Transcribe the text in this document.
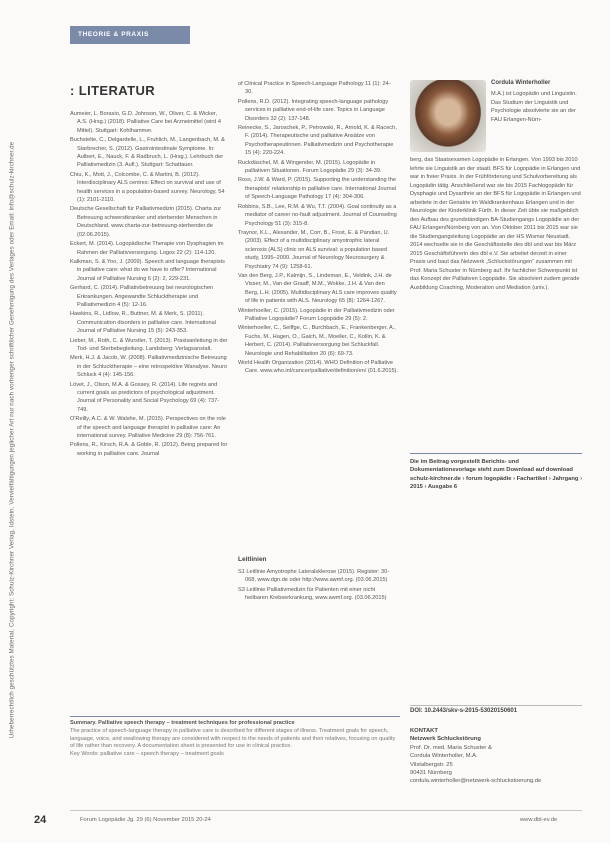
Urheberrechtlich geschütztes Material. Copyright: Schulz-Kirchner Verlag, Idstein. Vervielfältigungen jeglicher Art nur nach vorheriger schriftlicher Genehmigung des Verlages oder Email: info@schulz-kirchner.de
THEORIE & PRAXIS
: LITERATUR

Aumeier, L. Borasio, G.D. Johnson, W., Oliver, C. & Wicker, A.S. (Hrsg.) (2018). Palliative Care bei Arzneimittel (wird 4 Mittel). Stuttgart: Kohlhammer.

Buchstelte, C., Delgardelle, L., Fruhlich, M., Langenbach, M. & Starbrecher, S. (2012). Gastrointestinale Symptome. In: Aulbert, E., Nauck, F. & Radbruch, L. (Hrsg.). Lehrbuch der Palliativmedizin (3. Aufl.). Stuttgart: Schattauer.

Chiu, K., Mott, J., Colcombe, C. & Martini, B. (2012). Interdisciplinary ALS centres: Effect on survival and use of health services in a population-based survey. Neurology, 54 (1): 2101-2110.

Deutsche Gesellschaft für Palliativmedizin (2015). Charta zur Betreuung schwerstkranker und sterbender Menschen in Deutschland. www.charta-zur-betreuung-sterbender.de (02.06.2015).

Eckert, M. (2014). Logopädische Therapie von Dysphagien im Rahmen der Palliativversorgung. Logos 22 (2): 114-120.

Kalkman, S. & Yoo, J. (2009). Speech and language therapists in palliative care: what do we have to offer? International Journal of Palliative Nursing 6 (2): 2, 229-231.

Gerhard, C. (2014). Palliativbetreuung bei neurologischen Erkrankungen. Angewandte Schlucktherapie und Palliativmedizin 4 (5): 12-16.

Hawkins, R., Lidlow, R., Buttner, M. & Merk, S. (2011). Communication disorders in palliative care. International Journal of Palliative Nursing 15 (5): 243-353.

Lieber, M., Roth, C. & Wurstler, T. (2013). Praxisanleitung in der Tod- und Sterbebegleitung. Landsberg: Verlagsanstalt.

Merk, H.J. & Jacob, W. (2008). Palliativmedizinische Betreuung in der Schlucktherapie – eine retrospektive Wanalyse. Neuro Schluck 4 (4): 145-156.

Lövet, J., Olson, M.A. & Gossey, R. (2014). Life regrets and current goals as predictors of psychological adjustment. Journal of Personality and Social Psychology 69 (4): 737-749.

O'Reilly, A.C. & W. Walshe, M. (2015). Perspectives on the role of the speech and language therapist in palliative care: An international survey. Palliative Medicine 29 (8): 756-761.

Pollens, R., Kirsch, R.A. & Goble, R. (2012). Being prepared for working in palliative care. Journal

of Clinical Practice in Speech-Language Pathology 11 (1): 24-30.

Pollens, R.D. (2012). Integrating speech-language pathology services in palliative end-of-life care. Topics in Language Disorders 32 (2): 137-148.

Reinecke, S., Jaroschek, P., Petrowski, R., Arnold, K. & Racech, F. (2014). Therapeutische und palliative Ansätze von Psychotherapeutinnen. Palliativmedizin und Psychotherapie 15 (4): 220-224.

Ruckdäschel, M. & Wingender, M. (2015). Logopädie in palliativen Situationen. Forum Logopädie 29 (3): 34-39.

Ross, J.W. & Ward, P. (2015). Supporting the understanding the therapists' relationship in palliative care. International Journal of Speech-Language Pathology 17 (4): 304-306.

Robbins, S.B., Lee, R.M. & Wu, T.T. (2004). Goal continuity as a mediator of career no-fault adjustment. Journal of Counseling Psychology 51 (3): 315-8.

Traynor, K.L., Alexander, M., Corr, B., Frost, E. & Pandian, U. (2003). Effect of a multidisciplinary amyotrophic lateral sclerosis (ALS) clinic on ALS survival: a population based study, 1995–2000. Journal of Neurology Neurosurgery & Psychiatry 74 (9): 1258-61.

Van den Berg, J.P., Kalmijn, S., Lindeman, E., Veldink, J.H. de Visser, M., Van der Graaff, M.M., Wokke, J.H. & Van den Berg, L.H. (2005). Multidisciplinary ALS care improves quality of life in patients with ALS. Neurology 65 (8): 1264-1267.

Winterhoeller, C. (2015). Logopädie in der Palliativmedizin oder Palliative Logopädie? Forum Logopädie 29 (5): 2.

Winterhoeller, C., Seiffge, C., Burchbach, E., Frankenberger, A., Fuchs, M., Hagen, O., Gaich, M., Moeller, C., Kollin, K. & Herbert, C. (2014). Palliativversorgung bei Schluckfall. Neurologie und Rehabilitation 20 (6): 69-73.

World Health Organization (2014). WHO Definition of Palliative Care. www.who.int/cancer/palliative/definition/en/ (01.6.2015).

Leitlinien

S1 Leitlinie Amyotrophe Lateralsklerose (2015). Register: 30-068, www.dgn.de oder http://www.awmf.org. (03.06.2015)

S3 Leitlinie Palliativmedizin für Patienten mit einer nicht heilbaren Krebserkrankung, www.awmf.org. (03.06.2015)

Cordula Winterholler
M.A.) ist Logopädin und Linguistin. Das Studium der Linguistik und Psychologie absolvierte sie an der FAU Erlangen-Nürn-
berg, das Staatsexamen Logopädie in Erlangen. Von 1993 bis 2010 lehrte sie Linguistik an der staatl. BFS für Logopädie in Erlangen und war in freier Praxis. In der Frühförderung und Schulvorbereitung als Logopädin tätig. Anschließend war sie bis 2015 Fachlogopädin für Dysphagie und Dysarthrie an der BFS für Logopädie in Erlangen und arbeitete in der Geriatrie im Waldkrankenhaus Erlangen und in der Neurologie der Kinderklinik Fürth. In dieser Zeit übte sie maßgeblich den Aufbau des grundständigen BA-Studiengangs Logopädie an der FAU Erlangen/Nürnberg von an. Von Oktober 2011 bis 2015 war sie die Studiengangsleitung Logopädie an der HS Wismar Neustadt. 2014 wechselte sie in die Geschäftsstelle des dbl und war bis März 2015 Geschäftsführerin des dbl e.V. Sie arbeitet derzeit in einer Praxis und baut das Netzwerk „Schluckstörungen“ zusammen mit Prof. Maria Schuster in Nürnberg auf. Ihr fachlicher Schwerpunkt ist das Konzept der Palliativen Logopädie. Sie absolviert zudem gerade Ausbildung Coaching, Moderation und Mediation (univ.).
Die im Beitrag vorgestellt Berichts- und Dokumentationsvorlage steht zum Download auf download schulz-kirchner.de › forum logopädie › Fachartikel › Jahrgang › 2015 › Ausgabe 6
DOI: 10.2443/skv-s-2015-53020150601
KONTAKT
Netzwerk Schluckstörung
Prof. Dr. med. Maria Schuster &
Cordula Winterholler, M.A.
Vilstalbergstr. 25
90431 Nürnberg
cordula.winterholler@netzwerk-schluckstoerung.de
Summary. Palliative speech therapy – treatment techniques for professional practice
The practice of speech-language therapy in palliative care is described for different stages of illness. Treatment goals for speech, language, voice, and swallowing therapy are considered with respect to the needs of patients and their relatives, focusing on quality of life rather than recovery. A documentation sheet is presented for use in clinical practice.
Key Words: palliative care – speech therapy – treatment goals
24	Forum Logopädie Jg. 29 (6) November 2015 20-24	www.dbl-ev.de
